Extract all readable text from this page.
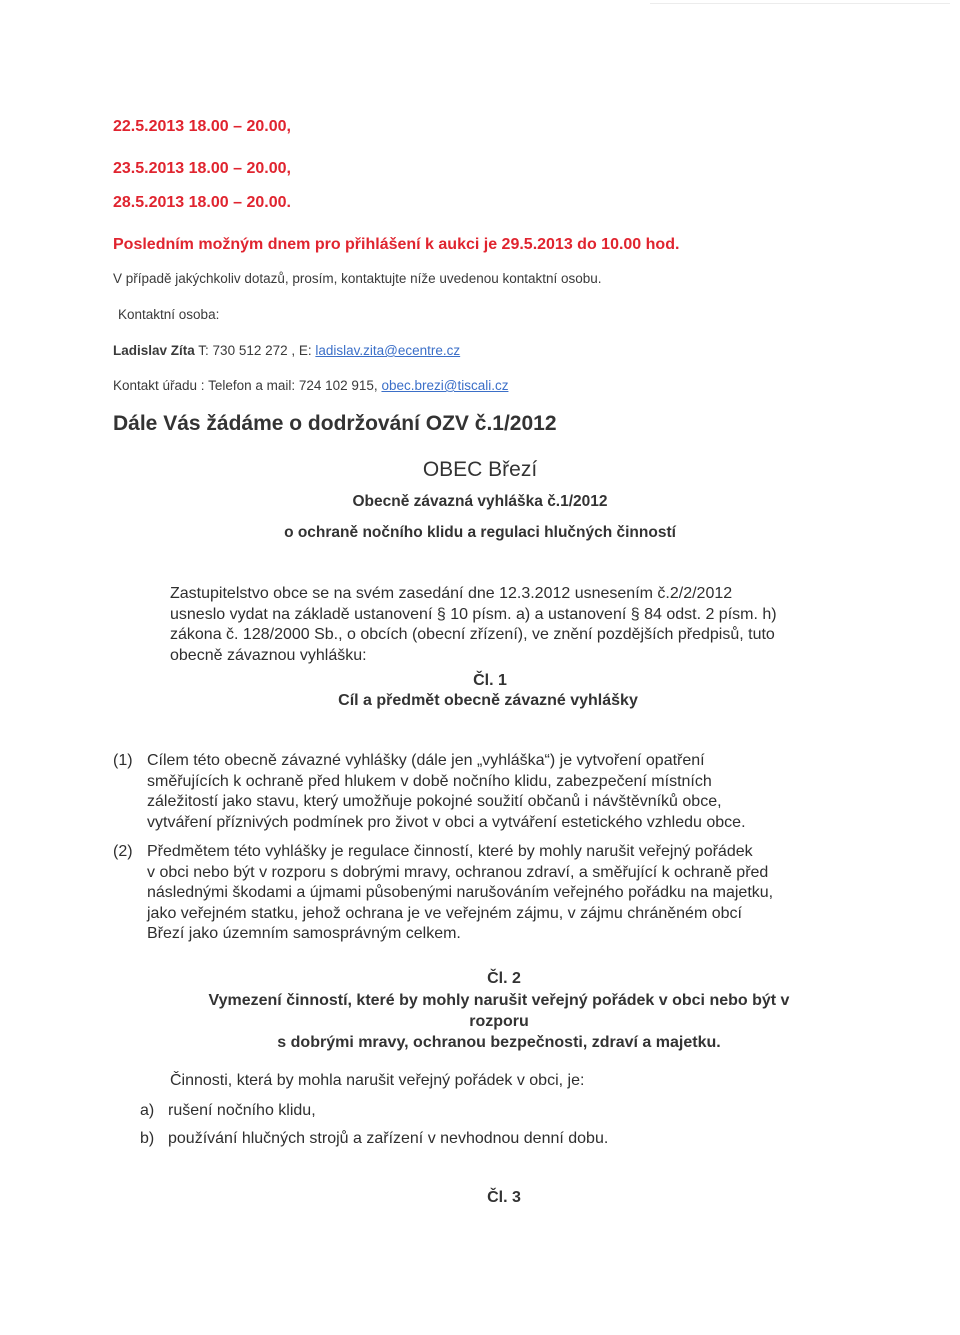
22.5.2013 18.00 – 20.00,
23.5.2013 18.00 – 20.00,
28.5.2013 18.00 – 20.00.
Posledním možným dnem pro přihlášení k aukci je 29.5.2013 do 10.00 hod.
V případě jakýchkoliv dotazů, prosím, kontaktujte níže uvedenou kontaktní osobu.
Kontaktní osoba:
Ladislav Zíta T: 730 512 272 , E: ladislav.zita@ecentre.cz
Kontakt úřadu : Telefon a mail: 724 102 915, obec.brezi@tiscali.cz
Dále Vás žádáme o dodržování OZV č.1/2012
OBEC Březí
Obecně závazná vyhláška č.1/2012
o ochraně nočního klidu a regulaci hlučných činností
Zastupitelstvo obce se na svém zasedání dne 12.3.2012 usnesením č.2/2/2012
usneslo vydat na základě ustanovení § 10 písm. a) a ustanovení § 84 odst. 2 písm. h)
zákona č. 128/2000 Sb., o obcích (obecní zřízení), ve znění pozdějších předpisů, tuto
obecně závaznou vyhlášku:
Čl. 1
Cíl a předmět obecně závazné vyhlášky
(1) Cílem této obecně závazné vyhlášky (dále jen „vyhláška“) je vytvoření opatření
směřujících k ochraně před hlukem v době nočního klidu, zabezpečení místních
záležitostí jako stavu, který umožňuje pokojné soužití občanů i návštěvníků obce,
vytváření příznivých podmínek pro život v obci a vytváření estetického vzhledu obce.
(2) Předmětem této vyhlášky je regulace činností, které by mohly narušit veřejný pořádek
v obci nebo být v rozporu s dobrými mravy, ochranou zdraví, a směřující k ochraně před
následnými škodami a újmami působenými narušováním veřejného pořádku na majetku,
jako veřejném statku, jehož ochrana je ve veřejném zájmu, v zájmu chráněném obcí
Březí jako územním samosprávným celkem.
Čl. 2
Vymezení činností, které by mohly narušit veřejný pořádek v obci nebo být v
rozporu
s dobrými mravy, ochranou bezpečnosti, zdraví a majetku.
Činnosti, která by mohla narušit veřejný pořádek v obci, je:
a) rušení nočního klidu,
b) používání hlučných strojů a zařízení v nevhodnou denní dobu.
Čl. 3
